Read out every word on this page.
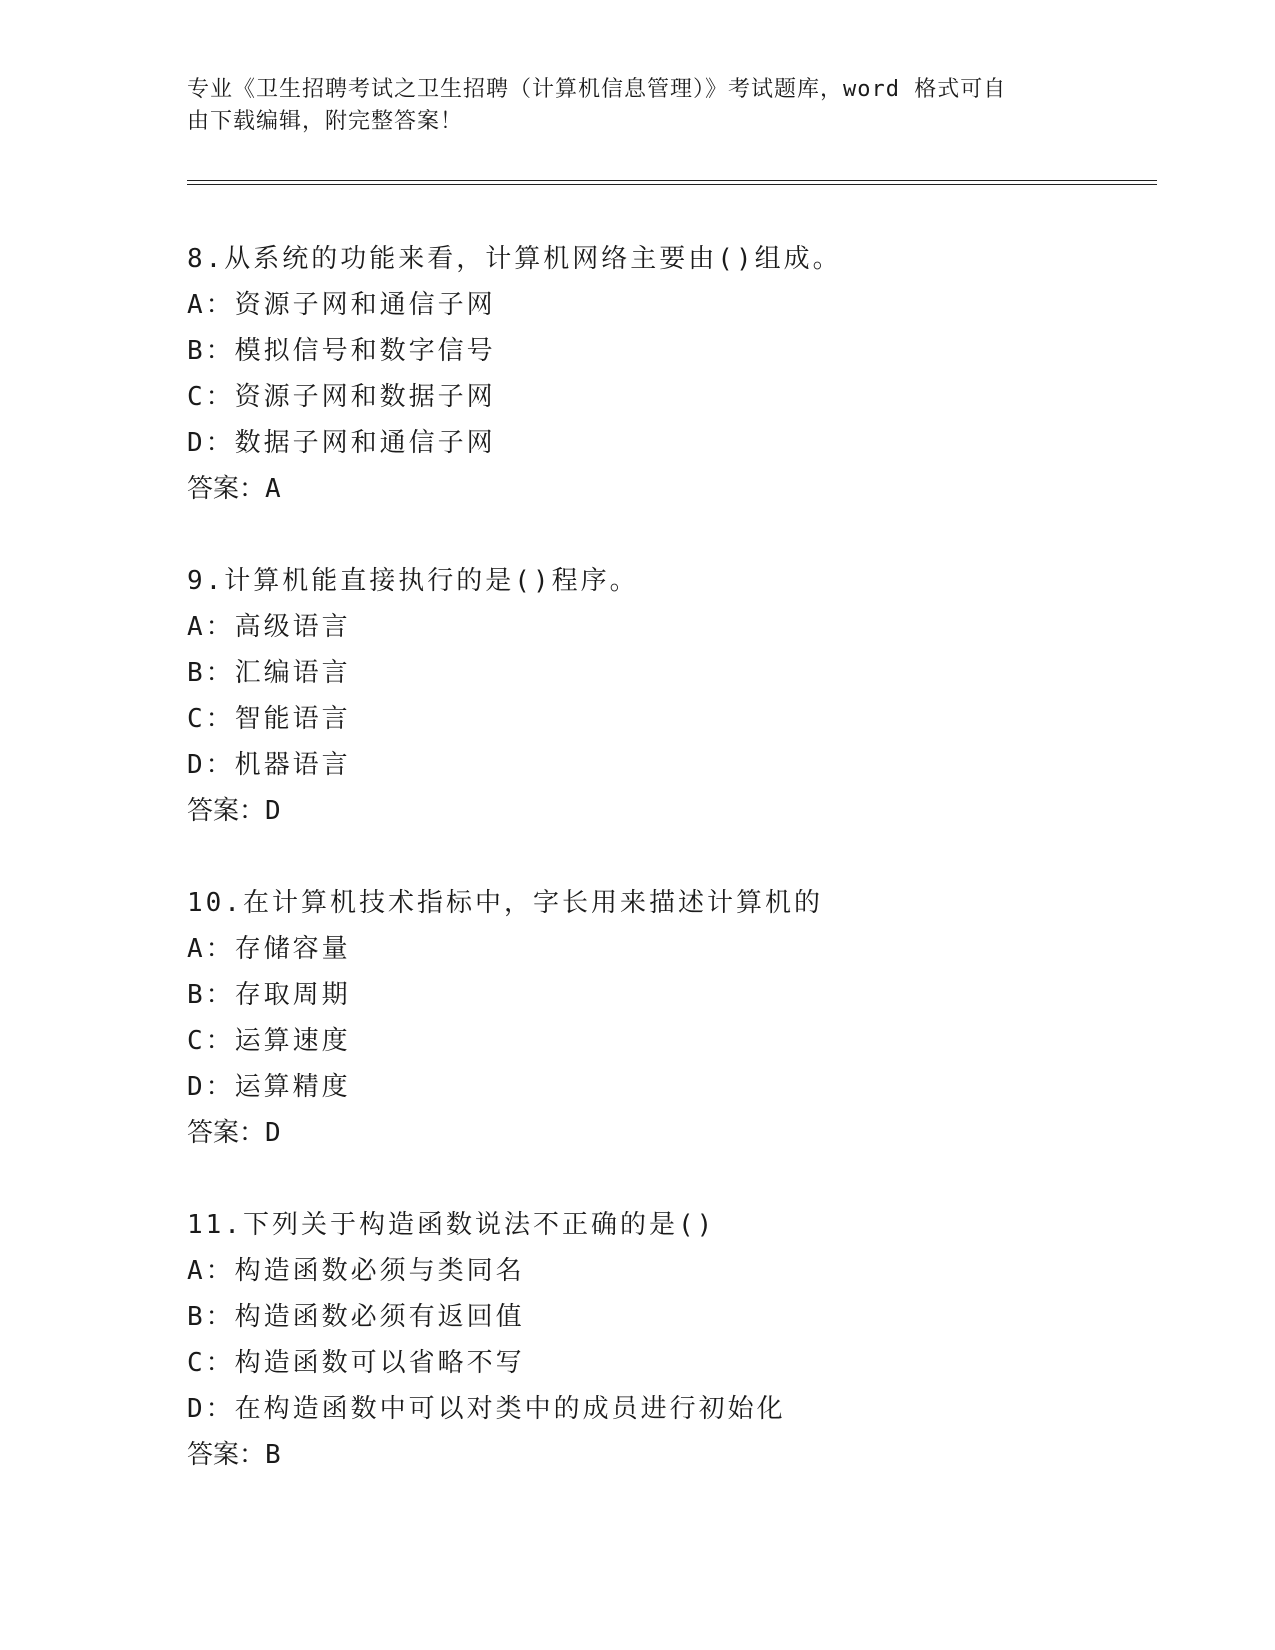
专业《卫生招聘考试之卫生招聘（计算机信息管理）》考试题库，word 格式可自
由下载编辑，附完整答案！
8.从系统的功能来看，计算机网络主要由()组成。
A：资源子网和通信子网
B：模拟信号和数字信号
C：资源子网和数据子网
D：数据子网和通信子网
答案：A
9.计算机能直接执行的是()程序。
A：高级语言
B：汇编语言
C：智能语言
D：机器语言
答案：D
10.在计算机技术指标中，字长用来描述计算机的
A：存储容量
B：存取周期
C：运算速度
D：运算精度
答案：D
11.下列关于构造函数说法不正确的是()
A：构造函数必须与类同名
B：构造函数必须有返回值
C：构造函数可以省略不写
D：在构造函数中可以对类中的成员进行初始化
答案：B
